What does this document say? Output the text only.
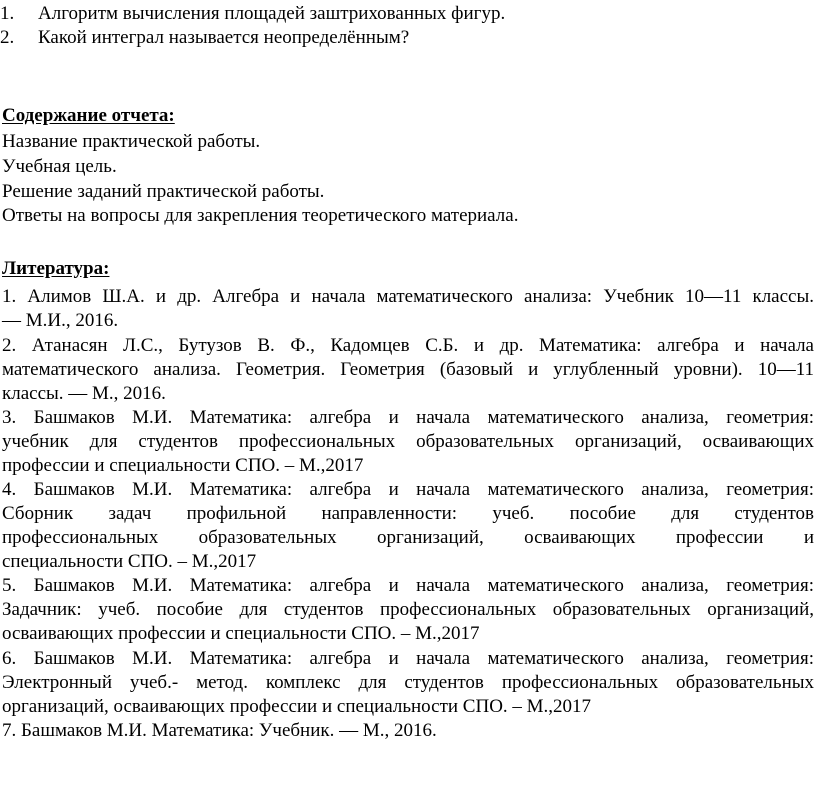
1. Алгоритм вычисления площадей заштрихованных фигур.
2. Какой интеграл называется неопределённым?
Содержание отчета:
Название практической работы.
Учебная цель.
Решение заданий практической работы.
Ответы на вопросы для закрепления теоретического материала.
Литература:
1. Алимов Ш.А. и др. Алгебра и начала математического анализа: Учебник 10—11 классы.
— М.И., 2016.
2. Атанасян Л.С., Бутузов В. Ф., Кадомцев С.Б. и др. Математика: алгебра и начала
математического анализа. Геометрия. Геометрия (базовый и углубленный уровни). 10—11
классы. — М., 2016.
3. Башмаков М.И. Математика: алгебра и начала математического анализа, геометрия:
учебник для студентов профессиональных образовательных организаций, осваивающих
профессии и специальности СПО. – М.,2017
4. Башмаков М.И. Математика: алгебра и начала математического анализа, геометрия:
Сборник задач профильной направленности: учеб. пособие для студентов
профессиональных образовательных организаций, осваивающих профессии и
специальности СПО. – М.,2017
5. Башмаков М.И. Математика: алгебра и начала математического анализа, геометрия:
Задачник: учеб. пособие для студентов профессиональных образовательных организаций,
осваивающих профессии и специальности СПО. – М.,2017
6. Башмаков М.И. Математика: алгебра и начала математического анализа, геометрия:
Электронный учеб.- метод. комплекс для студентов профессиональных образовательных
организаций, осваивающих профессии и специальности СПО. – М.,2017
7. Башмаков М.И. Математика: Учебник. — М., 2016.
